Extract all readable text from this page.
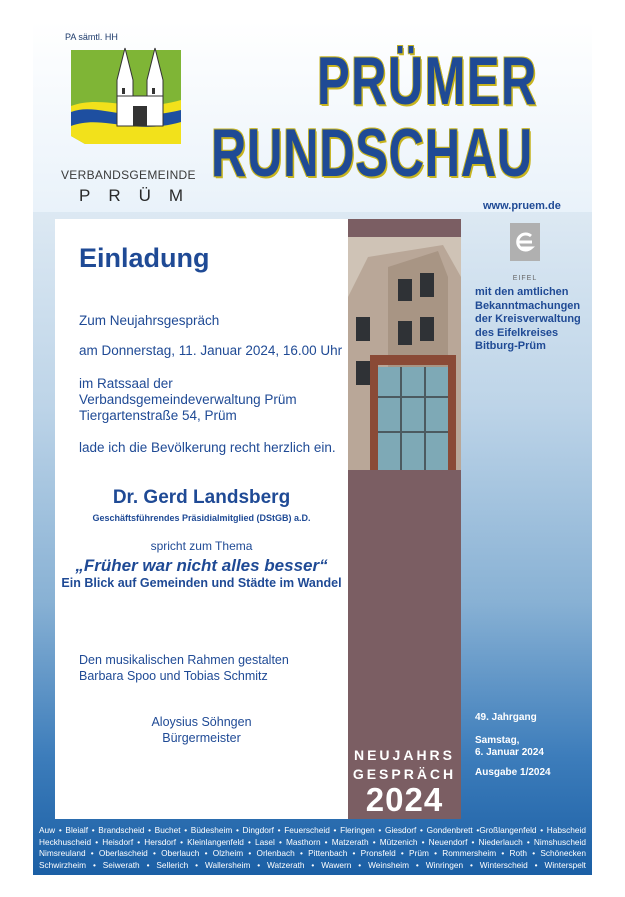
PA sämtl. HH
VERBANDSGEMEINDE
PRÜM
PRÜMER
RUNDSCHAU
www.pruem.de
EIFEL
mit den amtlichen Bekanntmachungen der Kreisverwaltung des Eifelkreises Bitburg-Prüm
Einladung
Zum Neujahrsgespräch
am Donnerstag, 11. Januar 2024, 16.00 Uhr
im Ratssaal der
Verbandsgemeindeverwaltung Prüm
Tiergartenstraße 54, Prüm
lade ich die Bevölkerung recht herzlich ein.
Dr. Gerd Landsberg
Geschäftsführendes Präsidialmitglied (DStGB) a.D.
spricht zum Thema
„Früher war nicht alles besser“
Ein Blick auf Gemeinden und Städte im Wandel
Den musikalischen Rahmen gestalten
Barbara Spoo und Tobias Schmitz
Aloysius Söhngen
Bürgermeister
NEUJAHRS
GESPRÄCH
2024
49. Jahrgang
Samstag,
6. Januar 2024
Ausgabe 1/2024
Auw • Bleialf • Brandscheid • Buchet • Büdesheim • Dingdorf • Feuerscheid • Fleringen • Giesdorf • Gondenbrett •Großlangenfeld • Habscheid
Heckhuscheid • Heisdorf • Hersdorf • Kleinlangenfeld • Lasel • Masthorn • Matzerath • Mützenich • Neuendorf • Niederlauch • Nimshuscheid
Nimsreuland • Oberlascheid • Oberlauch • Olzheim • Orlenbach • Pittenbach • Pronsfeld • Prüm • Rommersheim • Roth • Schönecken
Schwirzheim • Seiwerath • Sellerich • Wallersheim • Watzerath • Wawern • Weinsheim • Winringen • Winterscheid • Winterspelt
